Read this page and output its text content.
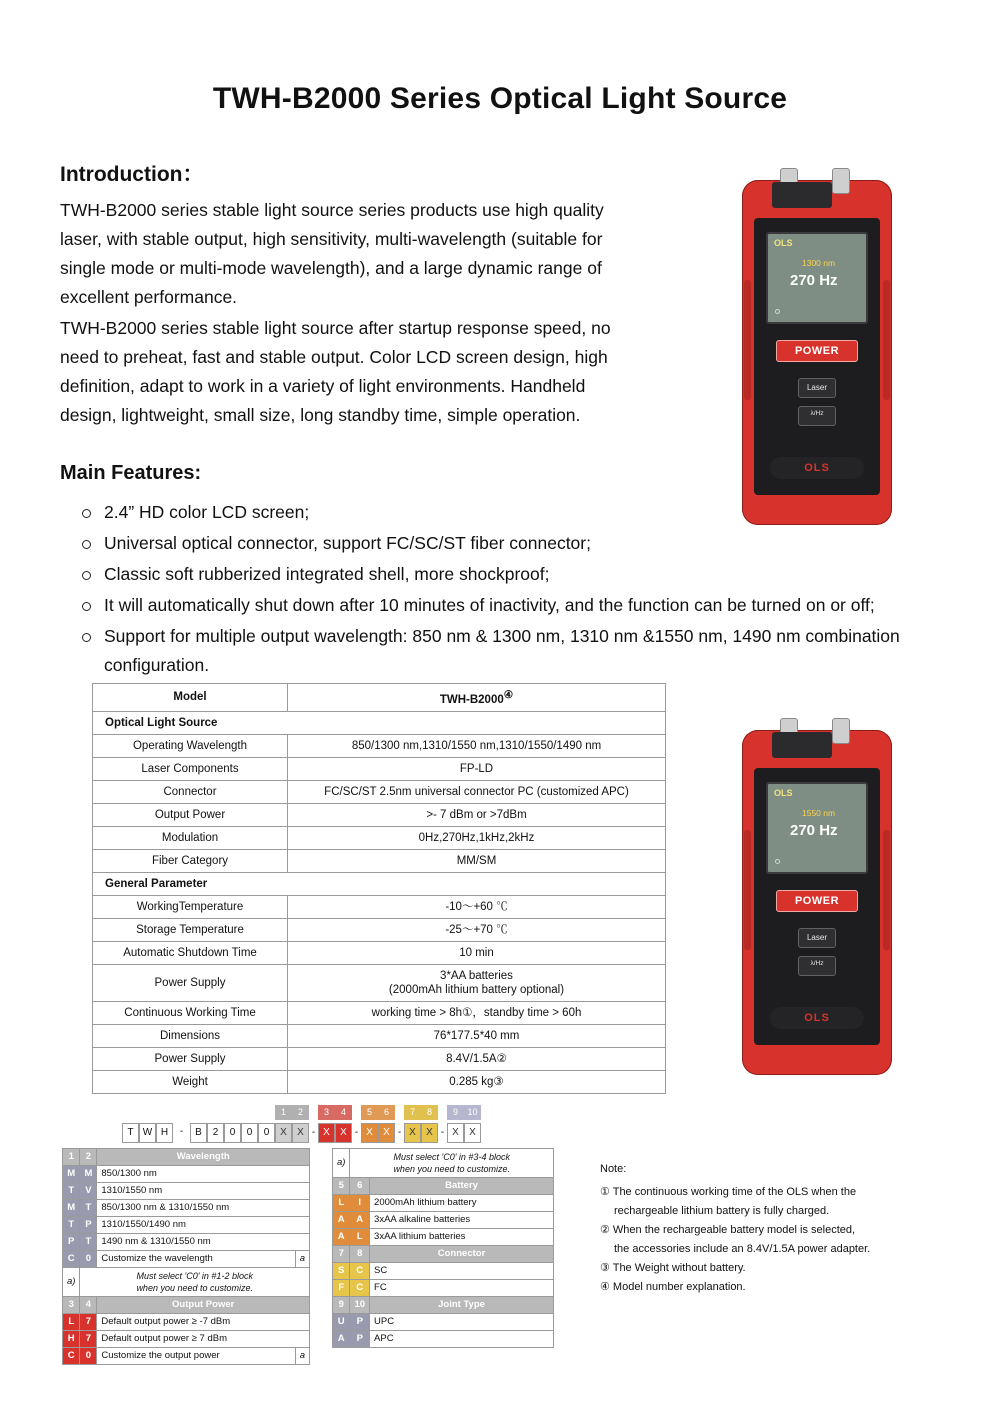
TWH-B2000 Series Optical Light Source
Introduction：

TWH-B2000 series stable light source series products use high quality laser, with stable output, high sensitivity, multi-wavelength (suitable for single mode or multi-mode wavelength), and a large dynamic range of excellent performance.

TWH-B2000 series stable light source after startup response speed, no need to preheat, fast and stable output. Color LCD screen design, high definition, adapt to work in a variety of light environments. Handheld design, lightweight, small size, long standby time, simple operation.

Main Features:
2.4” HD color LCD screen;
Universal optical connector, support FC/SC/ST fiber connector;
Classic soft rubberized integrated shell, more shockproof;
It will automatically shut down after 10 minutes of inactivity, and the function can be turned on or off;
Support for multiple output wavelength: 850 nm & 1300 nm, 1310 nm &1550 nm, 1490 nm combination configuration.
Model	TWH-B2000④
Optical Light Source	
Operating Wavelength	850/1300 nm,1310/1550 nm,1310/1550/1490 nm
Laser Components	FP-LD
Connector	FC/SC/ST 2.5nm universal connector PC (customized APC)
Output Power	>- 7 dBm or >7dBm
Modulation	0Hz,270Hz,1kHz,2kHz
Fiber Category	MM/SM
General Parameter	
WorkingTemperature	-10～+60 ℃
Storage Temperature	-25～+70 ℃
Automatic Shutdown Time	10 min
Power Supply	3*AA batteries
(2000mAh lithium battery optional)
Continuous Working Time	working time > 8h①，standby time > 60h
Dimensions	76*177.5*40 mm
Power Supply	8.4V/1.5A②
Weight	0.285 kg③
OLS
1300 nm
270 Hz
POWER
Laser
λ/Hz
OLS
OLS
1550 nm
270 Hz
POWER
Laser
λ/Hz
OLS
1	2	3	4	5	6	7	8	9	10
T W H	-	B	2	0	0	0	X	X - X	X - X	X - X	X - X	X
1	2	Wavelength	
M	M	850/1300 nm	
T	V	1310/1550 nm	
M	T	850/1300 nm & 1310/1550 nm	
T	P	1310/1550/1490 nm	
P	T	1490 nm & 1310/1550 nm	
C	0	Customize the wavelength	a
a)	Must select 'C0' in #1-2 block
when you need to customize.		
3	4	Output Power	
L	7	Default output power ≥ -7 dBm	
H	7	Default output power ≥ 7 dBm	
C	0	Customize the output power	a
a)	Must select 'C0' in #3-4 block
when you need to customize.	
5	6	Battery
L	I	2000mAh lithium battery
A	A	3xAA alkaline batteries
A	L	3xAA lithium batteries
7	8	Connector
S	C	SC
F	C	FC
9	10	Joint Type
U	P	UPC
A	P	APC
Note:
① The continuous working time of the OLS when the
rechargeable lithium battery is fully charged.
② When the rechargeable battery model is selected,
the accessories include an 8.4V/1.5A power adapter.
③ The Weight without battery.
④ Model number explanation.
